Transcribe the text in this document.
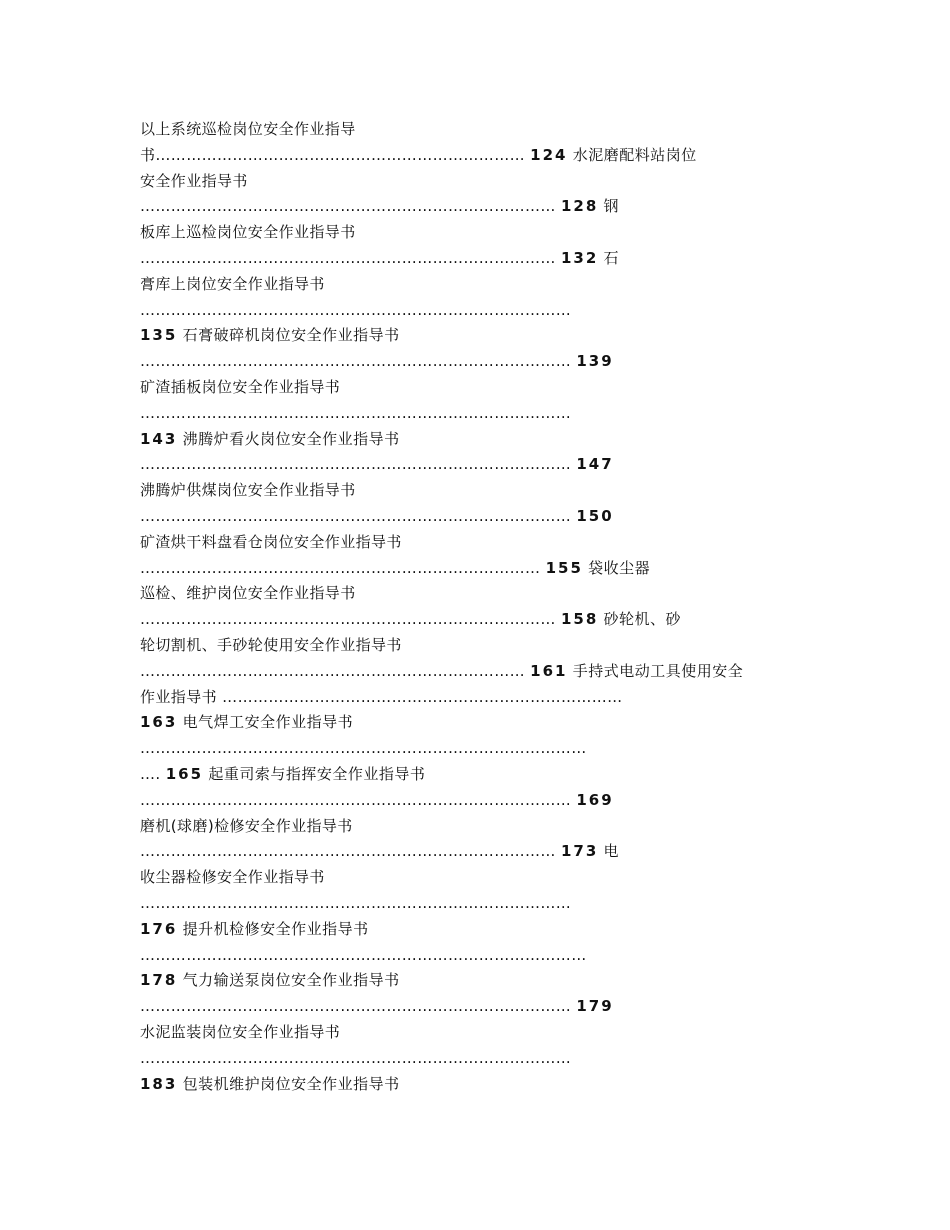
以上系统巡检岗位安全作业指导
书……………………………………………………………… 124 水泥磨配料站岗位
安全作业指导书
……………………………………………………………………… 128 钢
板库上巡检岗位安全作业指导书
……………………………………………………………………… 132 石
膏库上岗位安全作业指导书
…………………………………………………………………………
135 石膏破碎机岗位安全作业指导书
………………………………………………………………………… 139
矿渣插板岗位安全作业指导书
…………………………………………………………………………
143 沸腾炉看火岗位安全作业指导书
………………………………………………………………………… 147
沸腾炉供煤岗位安全作业指导书
………………………………………………………………………… 150
矿渣烘干料盘看仓岗位安全作业指导书
…………………………………………………………………… 155 袋收尘器
巡检、维护岗位安全作业指导书
……………………………………………………………………… 158 砂轮机、砂
轮切割机、手砂轮使用安全作业指导书
………………………………………………………………… 161 手持式电动工具使用安全
作业指导书 ……………………………………………………………………
163 电气焊工安全作业指导书
……………………………………………………………………………
…. 165 起重司索与指挥安全作业指导书
………………………………………………………………………… 169
磨机(球磨)检修安全作业指导书
……………………………………………………………………… 173 电
收尘器检修安全作业指导书
…………………………………………………………………………
176 提升机检修安全作业指导书
……………………………………………………………………………
178 气力输送泵岗位安全作业指导书
………………………………………………………………………… 179
水泥监装岗位安全作业指导书
…………………………………………………………………………
183 包装机维护岗位安全作业指导书
